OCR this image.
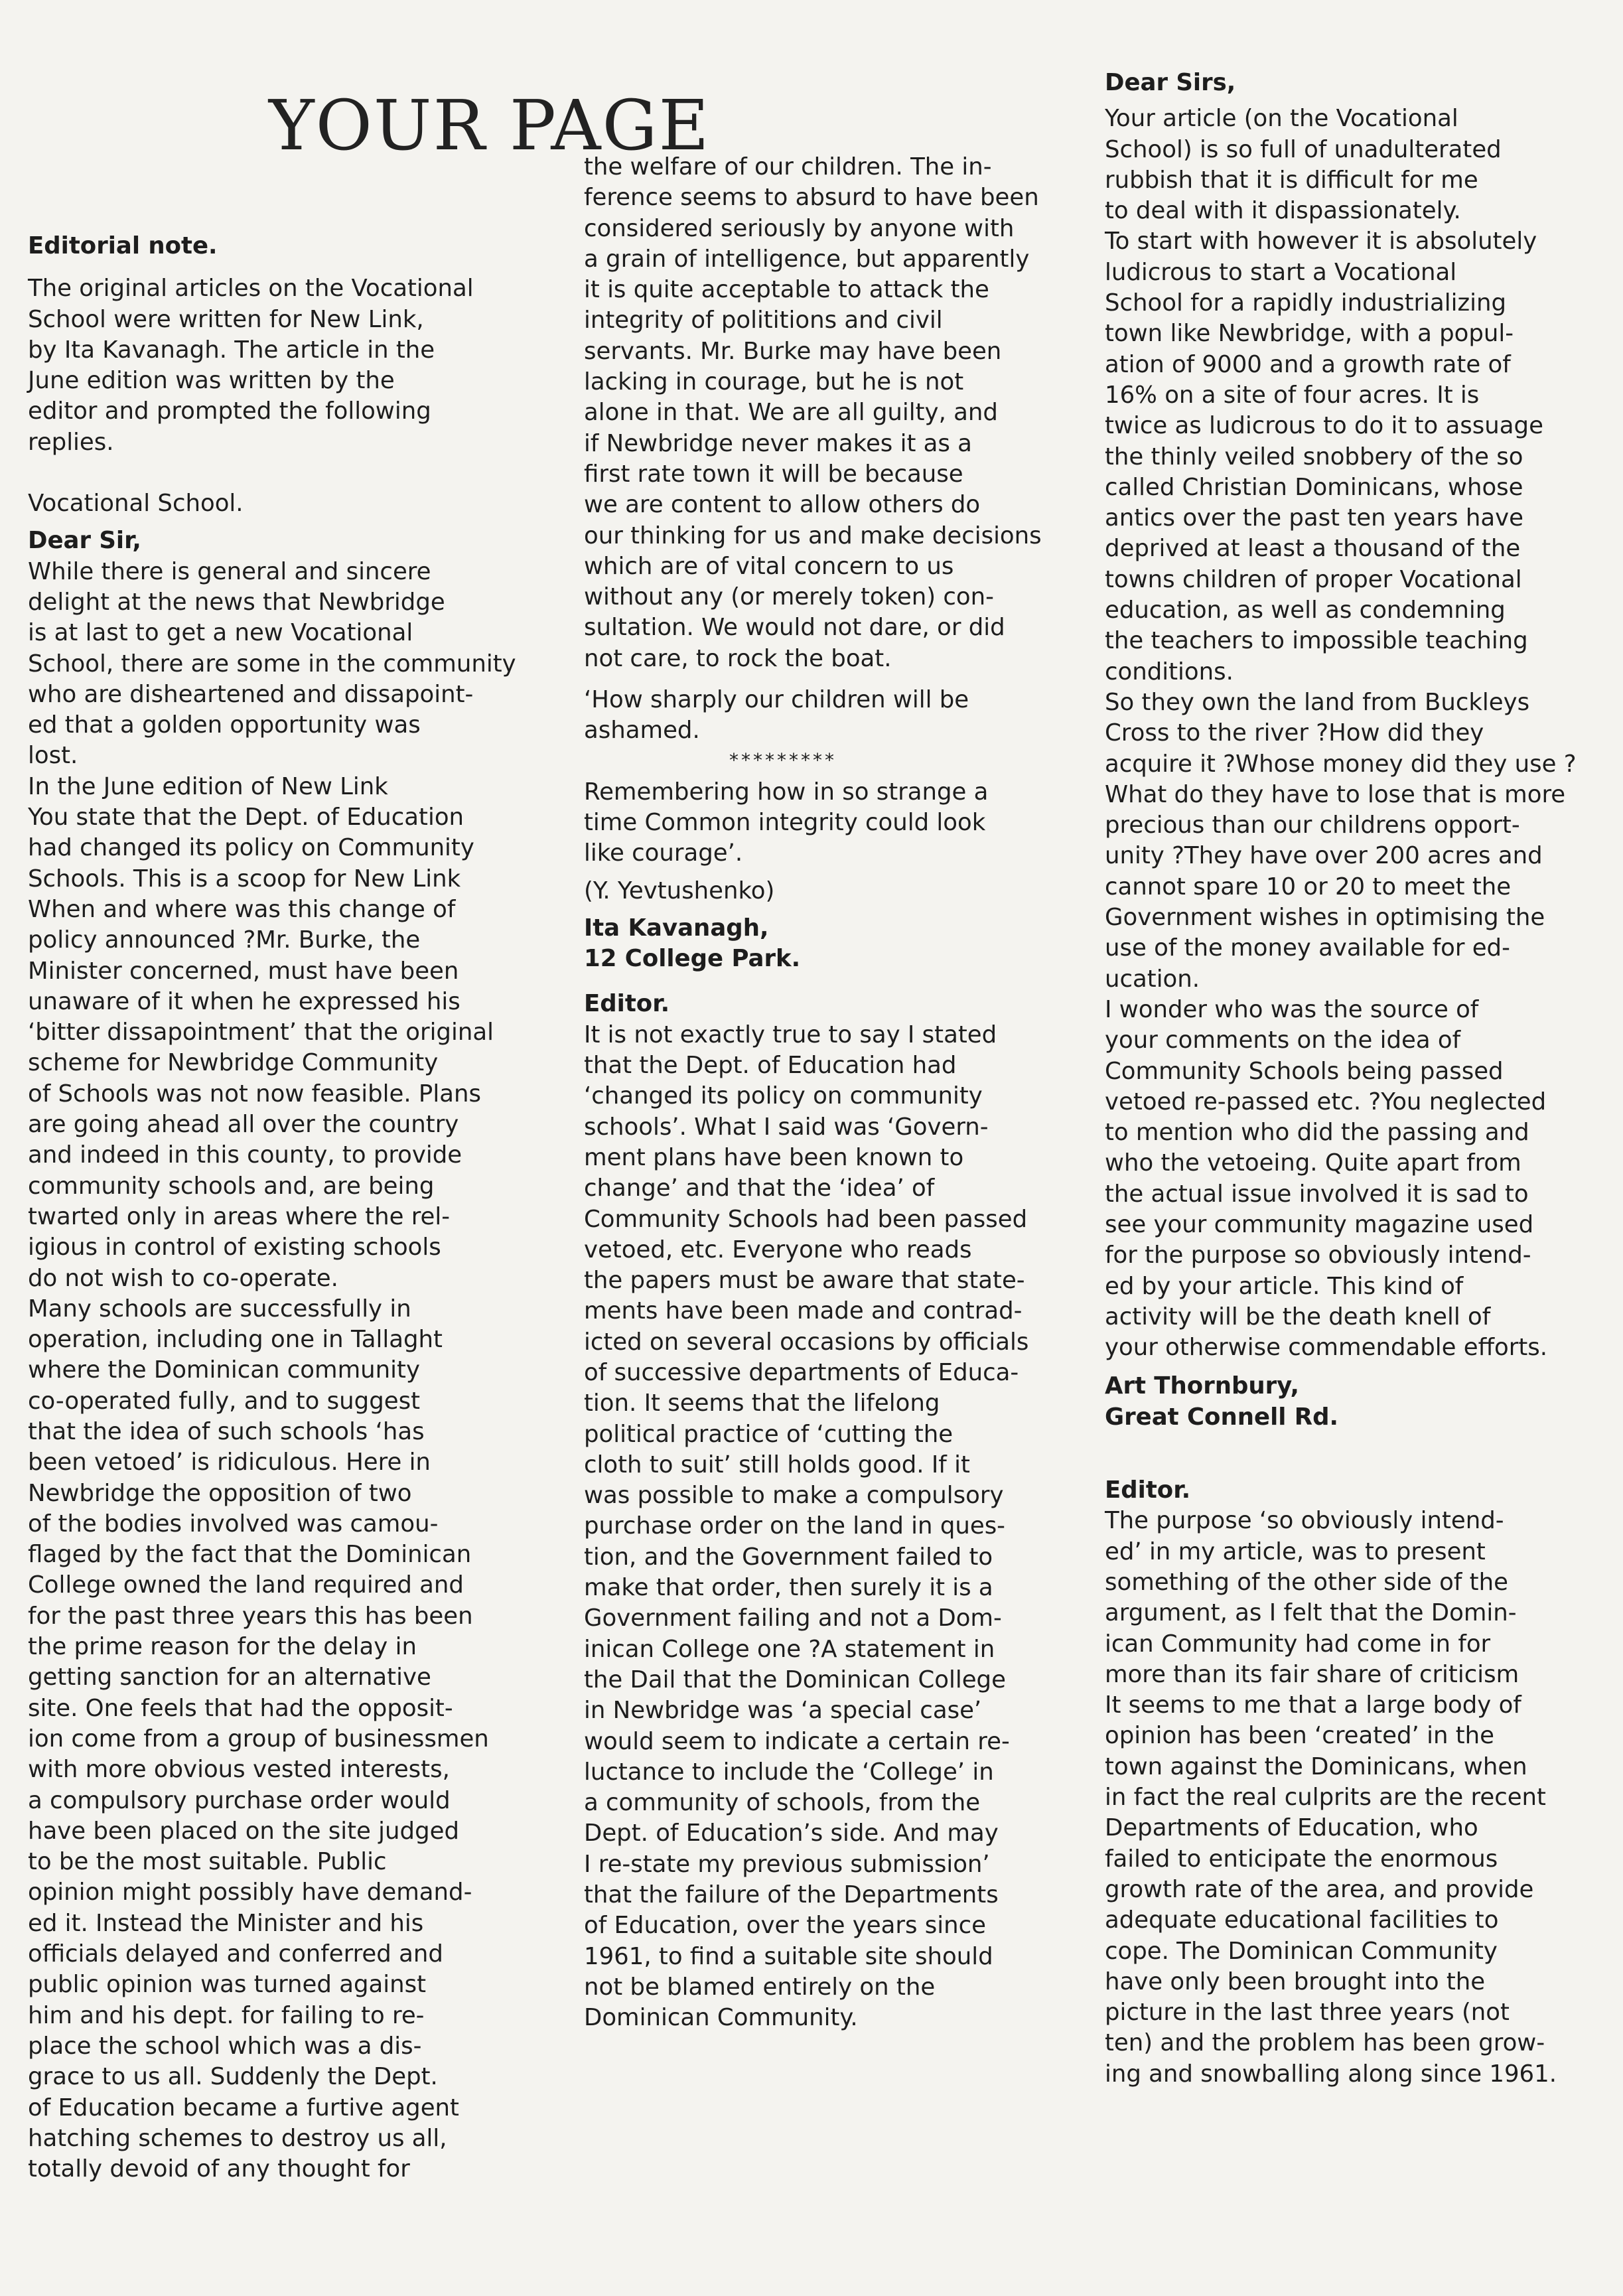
YOUR PAGE

Editorial note.

The original articles on the Vocational
School were written for New Link,
by Ita Kavanagh. The article in the
June edition was written by the
editor and prompted the following
replies.

Vocational School.

Dear Sir,

While there is general and sincere
delight at the news that Newbridge
is at last to get a new Vocational
School, there are some in the community
who are disheartened and dissapoint-
ed that a golden opportunity was
lost.
In the June edition of New Link
You state that the Dept. of Education
had changed its policy on Community
Schools. This is a scoop for New Link
When and where was this change of
policy announced ?Mr. Burke, the
Minister concerned, must have been
unaware of it when he expressed his
‘bitter dissapointment’ that the original
scheme for Newbridge Community
of Schools was not now feasible. Plans
are going ahead all over the country
and indeed in this county, to provide
community schools and, are being
twarted only in areas where the rel-
igious in control of existing schools
do not wish to co-operate.
Many schools are successfully in
operation, including one in Tallaght
where the Dominican community
co-operated fully, and to suggest
that the idea of such schools ‘has
been vetoed’ is ridiculous. Here in
Newbridge the opposition of two
of the bodies involved was camou-
flaged by the fact that the Dominican
College owned the land required and
for the past three years this has been
the prime reason for the delay in
getting sanction for an alternative
site. One feels that had the opposit-
ion come from a group of businessmen
with more obvious vested interests,
a compulsory purchase order would
have been placed on the site judged
to be the most suitable. Public
opinion might possibly have demand-
ed it. Instead the Minister and his
officials delayed and conferred and
public opinion was turned against
him and his dept. for failing to re-
place the school which was a dis-
grace to us all. Suddenly the Dept.
of Education became a furtive agent
hatching schemes to destroy us all,
totally devoid of any thought for

the welfare of our children. The in-
ference seems to absurd to have been
considered seriously by anyone with
a grain of intelligence, but apparently
it is quite acceptable to attack the
integrity of polititions and civil
servants. Mr. Burke may have been
lacking in courage, but he is not
alone in that. We are all guilty, and
if Newbridge never makes it as a
first rate town it will be because
we are content to allow others do
our thinking for us and make decisions
which are of vital concern to us
without any (or merely token) con-
sultation. We would not dare, or did
not care, to rock the boat.

‘How sharply our children will be
ashamed.

*********

Remembering how in so strange a
time Common integrity could look
like courage’.

(Y. Yevtushenko)

Ita Kavanagh,
12 College Park.

Editor.

It is not exactly true to say I stated
that the Dept. of Education had
‘changed its policy on community
schools’. What I said was ‘Govern-
ment plans have been known to
change’ and that the ‘idea’ of
Community Schools had been passed
vetoed, etc. Everyone who reads
the papers must be aware that state-
ments have been made and contrad-
icted on several occasions by officials
of successive departments of Educa-
tion. It seems that the lifelong
political practice of ‘cutting the
cloth to suit’ still holds good. If it
was possible to make a compulsory
purchase order on the land in ques-
tion, and the Government failed to
make that order, then surely it is a
Government failing and not a Dom-
inican College one ?A statement in
the Dail that the Dominican College
in Newbridge was ‘a special case’
would seem to indicate a certain re-
luctance to include the ‘College’ in
a community of schools, from the
Dept. of Education’s side. And may
I re-state my previous submission’
that the failure of the Departments
of Education, over the years since
1961, to find a suitable site should
not be blamed entirely on the
Dominican Community.

Dear Sirs,

Your article (on the Vocational
School) is so full of unadulterated
rubbish that it is difficult for me
to deal with it dispassionately.
To start with however it is absolutely
ludicrous to start a Vocational
School for a rapidly industrializing
town like Newbridge, with a popul-
ation of 9000 and a growth rate of
16% on a site of four acres. It is
twice as ludicrous to do it to assuage
the thinly veiled snobbery of the so
called Christian Dominicans, whose
antics over the past ten years have
deprived at least a thousand of the
towns children of proper Vocational
education, as well as condemning
the teachers to impossible teaching
conditions.
So they own the land from Buckleys
Cross to the river ?How did they
acquire it ?Whose money did they use ?
What do they have to lose that is more
precious than our childrens opport-
unity ?They have over 200 acres and
cannot spare 10 or 20 to meet the
Government wishes in optimising the
use of the money available for ed-
ucation.
I wonder who was the source of
your comments on the idea of
Community Schools being passed
vetoed re-passed etc. ?You neglected
to mention who did the passing and
who the vetoeing. Quite apart from
the actual issue involved it is sad to
see your community magazine used
for the purpose so obviously intend-
ed by your article. This kind of
activity will be the death knell of
your otherwise commendable efforts.

Art Thornbury,
Great Connell Rd.

Editor.

The purpose ‘so obviously intend-
ed’ in my article, was to present
something of the other side of the
argument, as I felt that the Domin-
ican Community had come in for
more than its fair share of criticism
It seems to me that a large body of
opinion has been ‘created’ in the
town against the Dominicans, when
in fact the real culprits are the recent
Departments of Education, who
failed to enticipate the enormous
growth rate of the area, and provide
adequate educational facilities to
cope. The Dominican Community
have only been brought into the
picture in the last three years (not
ten) and the problem has been grow-
ing and snowballing along since 1961.
